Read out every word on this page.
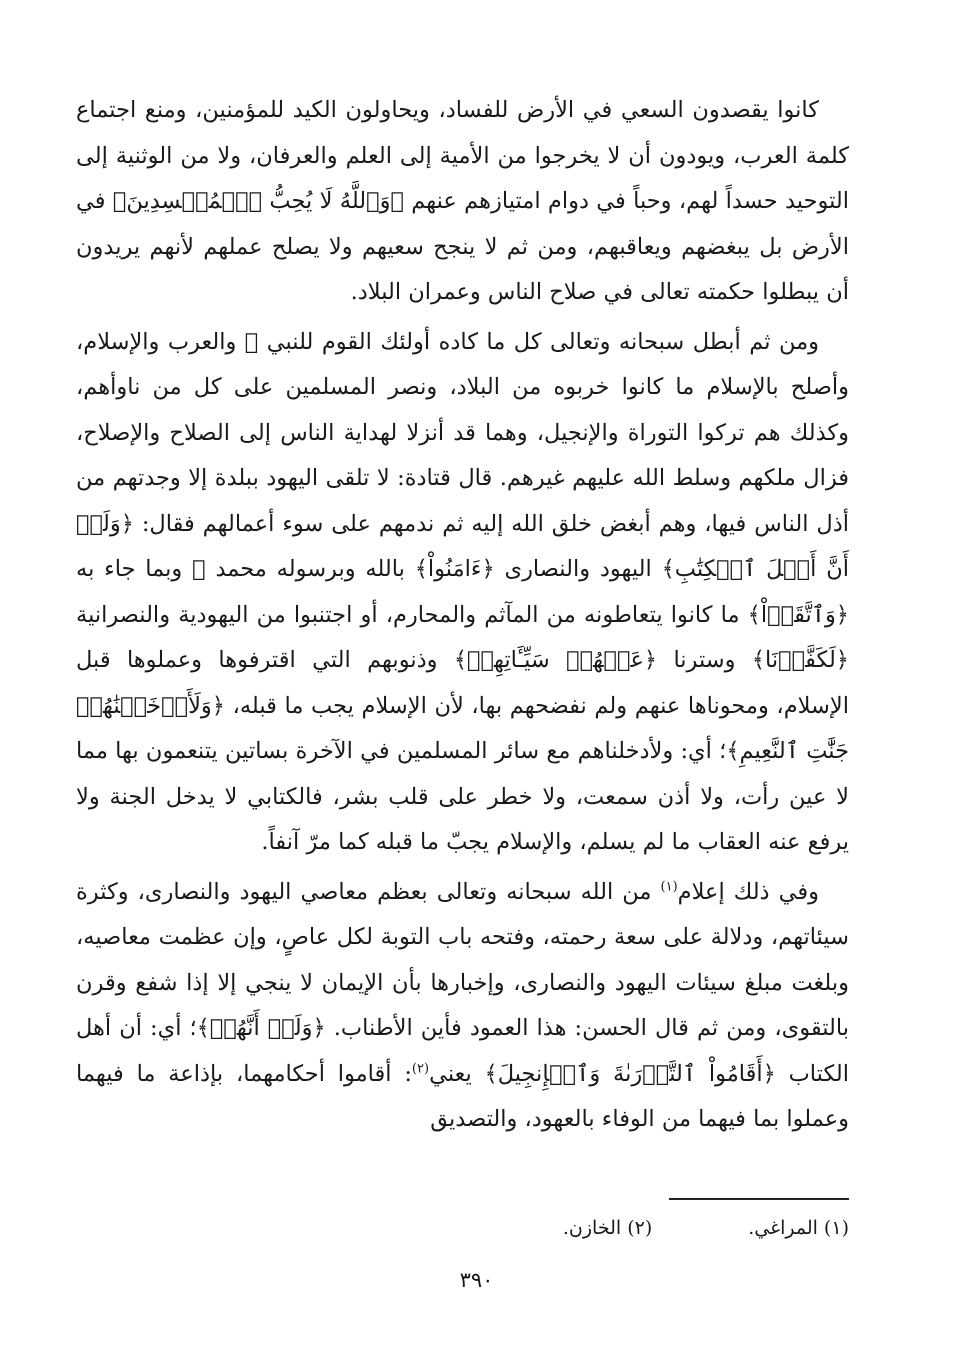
كانوا يقصدون السعي في الأرض للفساد، ويحاولون الكيد للمؤمنين، ومنع اجتماع كلمة العرب، ويودون أن لا يخرجوا من الأمية إلى العلم والعرفان، ولا من الوثنية إلى التوحيد حسداً لهم، وحباً في دوام امتيازهم عنهم ﴿وَٱللَّهُ لَا يُحِبُّ ٱلۡمُفۡسِدِينَ﴾ في الأرض بل يبغضهم ويعاقبهم، ومن ثم لا ينجح سعيهم ولا يصلح عملهم لأنهم يريدون أن يبطلوا حكمته تعالى في صلاح الناس وعمران البلاد.

ومن ثم أبطل سبحانه وتعالى كل ما كاده أولئك القوم للنبي ﷺ والعرب والإسلام، وأصلح بالإسلام ما كانوا خربوه من البلاد، ونصر المسلمين على كل من ناوأهم، وكذلك هم تركوا التوراة والإنجيل، وهما قد أنزلا لهداية الناس إلى الصلاح والإصلاح، فزال ملكهم وسلط الله عليهم غيرهم. قال قتادة: لا تلقى اليهود ببلدة إلا وجدتهم من أذل الناس فيها، وهم أبغض خلق الله إليه ثم ندمهم على سوء أعمالهم فقال: ﴿وَلَوۡ أَنَّ أَهۡلَ ٱلۡكِتَٰبِ﴾ اليهود والنصارى ﴿ءَامَنُواْ﴾ بالله وبرسوله محمد ﷺ وبما جاء به ﴿وَٱتَّقَوۡاْ﴾ ما كانوا يتعاطونه من المآثم والمحارم، أو اجتنبوا من اليهودية والنصرانية ﴿لَكَفَّرۡنَا﴾ وسترنا ﴿عَنۡهُمۡ سَيِّـَٔاتِهِمۡ﴾ وذنوبهم التي اقترفوها وعملوها قبل الإسلام، ومحوناها عنهم ولم نفضحهم بها، لأن الإسلام يجب ما قبله، ﴿وَلَأَدۡخَلۡنَٰهُمۡ جَنَّٰتِ ٱلنَّعِيمِ﴾؛ أي: ولأدخلناهم مع سائر المسلمين في الآخرة بساتين يتنعمون بها مما لا عين رأت، ولا أذن سمعت، ولا خطر على قلب بشر، فالكتابي لا يدخل الجنة ولا يرفع عنه العقاب ما لم يسلم، والإسلام يجبّ ما قبله كما مرّ آنفاً.

وفي ذلك إعلام$^{(١)}$ من الله سبحانه وتعالى بعظم معاصي اليهود والنصارى، وكثرة سيئاتهم، ودلالة على سعة رحمته، وفتحه باب التوبة لكل عاصٍ، وإن عظمت معاصيه، وبلغت مبلغ سيئات اليهود والنصارى، وإخبارها بأن الإيمان لا ينجي إلا إذا شفع وقرن بالتقوى، ومن ثم قال الحسن: هذا العمود فأين الأطناب. ﴿وَلَوۡ أَنَّهُمۡ﴾؛ أي: أن أهل الكتاب ﴿أَقَامُواْ ٱلتَّوۡرَىٰةَ وَٱلۡإِنجِيلَ﴾ يعني$^{(٢)}$: أقاموا أحكامهما، بإذاعة ما فيهما وعملوا بما فيهما من الوفاء بالعهود، والتصديق

(١) المراغي.
(٢) الخازن.
٣٩٠
